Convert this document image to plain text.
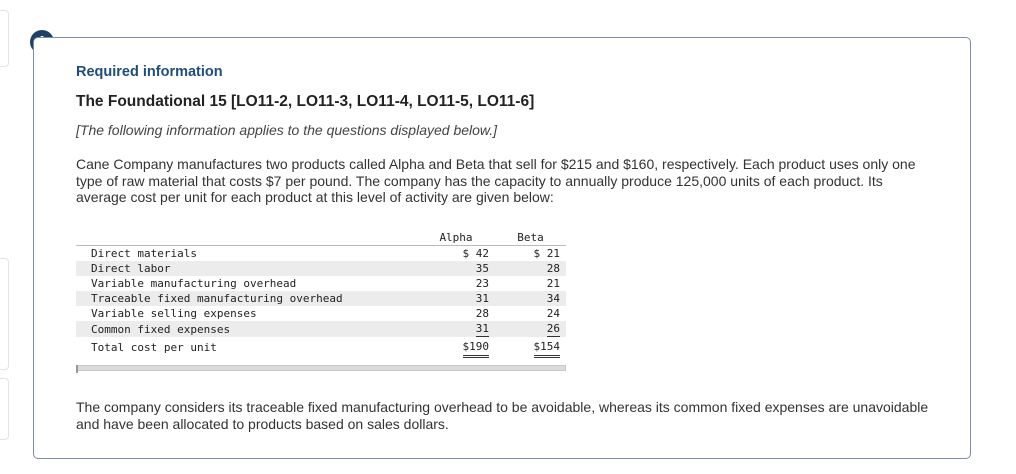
Required information
The Foundational 15 [LO11-2, LO11-3, LO11-4, LO11-5, LO11-6]
[The following information applies to the questions displayed below.]

Cane Company manufactures two products called Alpha and Beta that sell for $215 and $160, respectively. Each product uses only one type of raw material that costs $7 per pound. The company has the capacity to annually produce 125,000 units of each product. Its average cost per unit for each product at this level of activity are given below:

	Alpha	Beta
Direct materials	$ 42	$ 21
Direct labor	35	28
Variable manufacturing overhead	23	21
Traceable fixed manufacturing overhead	31	34
Variable selling expenses	28	24
Common fixed expenses	31	26
Total cost per unit	$190	$154

The company considers its traceable fixed manufacturing overhead to be avoidable, whereas its common fixed expenses are unavoidable and have been allocated to products based on sales dollars.
